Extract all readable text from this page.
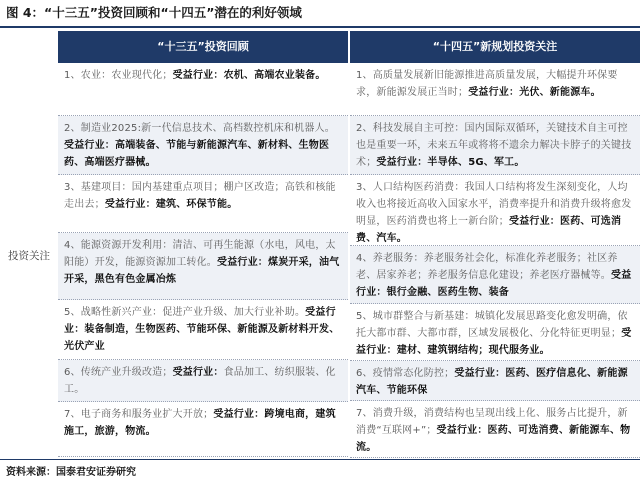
图 4：“十三五”投资回顾和“十四五”潜在的利好领域
“十三五”投资回顾	“十四五”新规划投资关注
投资关注
1、农业：农业现代化；受益行业：农机、高端农业装备。
2、制造业2025:新一代信息技术、高档数控机床和机器人。受益行业：高端装备、节能与新能源汽车、新材料、生物医药、高端医疗器械。
3、基建项目：国内基建重点项目；棚户区改造；高铁和核能走出去；受益行业：建筑、环保节能。
4、能源资源开发利用：清洁、可再生能源（水电，风电，太阳能）开发，能源资源加工转化。受益行业：煤炭开采，油气开采，黑色有色金属冶炼
5、战略性新兴产业：促进产业升级、加大行业补助。受益行业：装备制造，生物医药、节能环保、新能源及新材料开发、光伏产业
6、传统产业升级改造；受益行业：食品加工、纺织服装、化工。
7、电子商务和服务业扩大开放；受益行业：跨境电商，建筑施工，旅游，物流。
1、高质量发展新旧能源推进高质量发展，大幅提升环保要求，新能源发展正当时；受益行业：光伏、新能源车。
2、科技发展自主可控：国内国际双循环，关键技术自主可控也是重要一环，未来五年或将将不遗余力解决卡脖子的关键技术；受益行业：半导体、5G、军工。
3、人口结构医药消费：我国人口结构将发生深刻变化，人均收入也将接近高收入国家水平，消费率提升和消费升级将愈发明显，医药消费也将上一新台阶；受益行业：医药、可选消费、汽车。
4、养老服务：养老服务社会化，标准化养老服务；社区养老、居家养老；养老服务信息化建设；养老医疗器械等。受益行业：银行金融、医药生物、装备
5、城市群整合与新基建：城镇化发展思路变化愈发明确，依托大都市群、大都市群，区域发展极化、分化特征更明显；受益行业：建材、建筑钢结构；现代服务业。
6、疫情常态化防控；受益行业：医药、医疗信息化、新能源汽车、节能环保
7、消费升级，消费结构也呈现出线上化、服务占比提升，新消费“互联网+”；受益行业：医药、可选消费、新能源车、物流。
资料来源：国泰君安证券研究
